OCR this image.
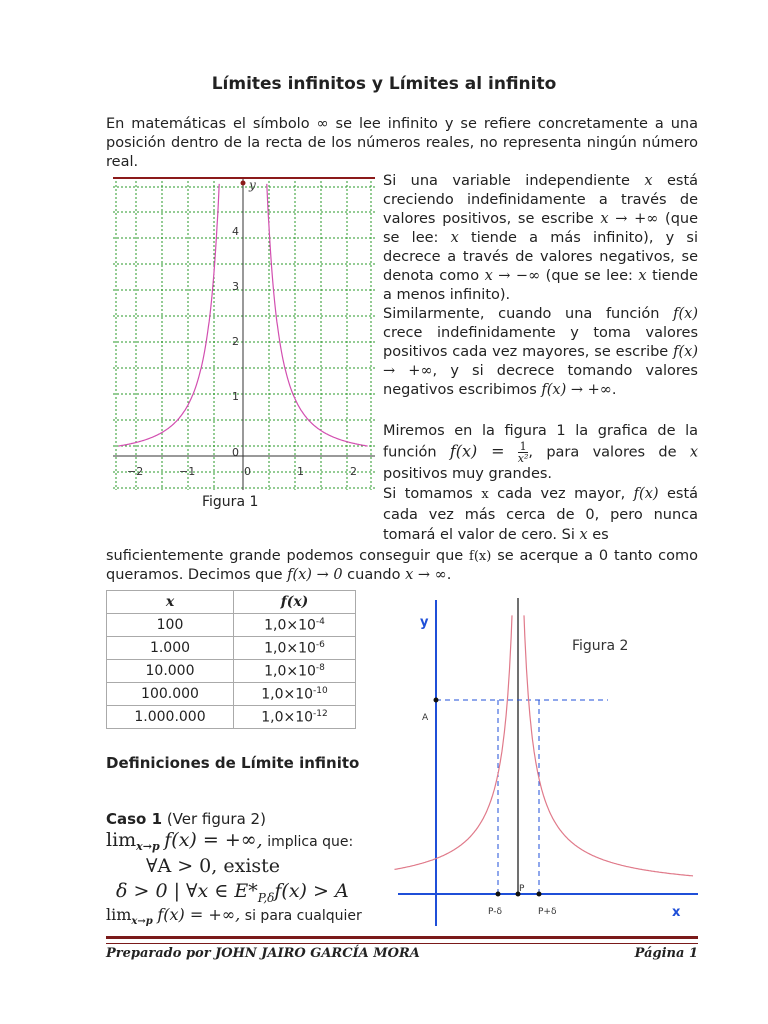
Límites infinitos y Límites al infinito
En matemáticas el símbolo ∞ se lee infinito y se refiere concretamente a una posición dentro de la recta de los números reales, no representa ningún número real.
y
−2	−1	0	1	2
0
1
2
3
4
Figura 1
Si una variable independiente x está creciendo indefinidamente a través de valores positivos, se escribe x → +∞ (que se lee: x tiende a más infinito), y si decrece a través de valores negativos, se denota como x → −∞ (que se lee: x tiende a menos infinito).
Similarmente, cuando una función f(x) crece indefinidamente y toma valores positivos cada vez mayores, se escribe f(x) → +∞, y si decrece tomando valores negativos escribimos f(x) → +∞.
Miremos en la figura 1 la grafica de la función $f(x) = \frac{1}{\text{x²}}$ , para valores de x positivos muy grandes.
Si tomamos x cada vez mayor, f(x) está cada vez más cerca de 0, pero nunca tomará el valor de cero. Si x es
suficientemente grande podemos conseguir que f(x) se acerque a 0 tanto como queramos. Decimos que f(x) → 0 cuando x → ∞.
x	f(x)
100	$1,0\times 10^{-4}$
1.000	$1,0\times 10^{-6}$
10.000	$1,0\times 10^{-8}$
100.000	$1,0\times 10^{-10}$
1.000.000	$1,0\times 10^{-12}$
Definiciones de Límite infinito
Caso 1 (Ver figura 2)
$\lim_{x\to p} f(x)$ = +∞, implica que:
∀A > 0, existe
δ > 0 | ∀x ∈ $E*_{P,\delta}f(x) > A$
$\lim_{x\to p} f(x)$ = +∞, si para cualquier
y
x
A
P
P-δ	P+δ
Figura 2
Preparado por JOHN JAIRO GARCÍA MORA	Página 1
